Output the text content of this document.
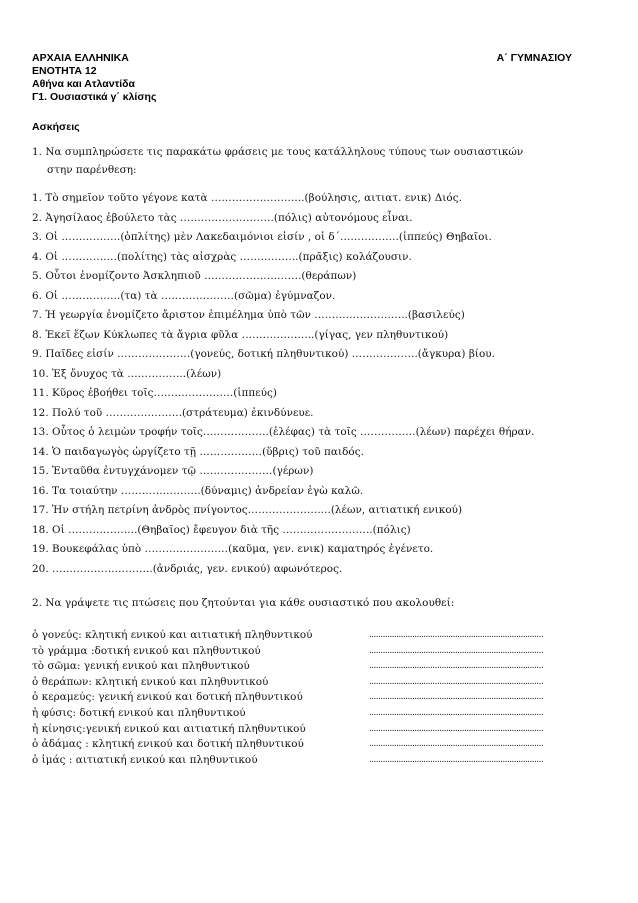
ΑΡΧΑΙΑ ΕΛΛΗΝΙΚΑ	Α΄ ΓΥΜΝΑΣΙΟΥ
ΕΝΟΤΗΤΑ 12
Αθήνα και Ατλαντίδα
Γ1. Ουσιαστικά γ΄ κλίσης
Ασκήσεις
1. Να συμπληρώσετε τις παρακάτω φράσεις με τους κατάλληλους τύπους των ουσιαστικών
στην παρένθεση:
1. Τὸ σημεῖον τοῦτο γέγονε κατὰ ………………….…..(βούλησις, αιτιατ. ενικ) Διός.
2. Ἀγησίλαος ἐβούλετο τὰς ………………………(πόλις) αὐτονόμους εἶναι.
3. Οἱ ……………..(ὁπλίτης) μὲν Λακεδαιμόνιοι εἰσίν , οἱ δ΄……………..(ἱππεύς) Θηβαῖοι.
4. Οἱ …………….(πολίτης) τὰς αἰσχρὰς ……………..(πρᾶξις) κολάζουσιν.
5. Οὗτοι ἐνομίζοντο Ἀσκληπιοῦ ……………………….(θεράπων)
6. Οἱ ……………..(τα) τὰ …………………(σῶμα) ἐγύμναζον.
7. Ἡ γεωργία ἐνομίζετο ἄριστον ἐπιμέλημα ὑπὸ τῶν ……………………...(βασιλεύς)
8. Ἐκεῖ ἔζων Κύκλωπες τὰ ἄγρια φῦλα ………………...(γίγας, γεν πληθυντικού)
9. Παῖδες εἰσίν …………………(γονεύς, δοτική πληθυντικού) ……………….(ἄγκυρα) βίου.
10. Ἐξ ὄνυχος τὰ ……………..(λέων)
11. Κῦρος ἐβοήθει τοῖς…………………..(ἱππεύς)
12. Πολύ τοῦ ………………….(στράτευμα) ἐκινδύνευε.
13. Οὗτος ὁ λειμὼν τροφήν τοῖς……………….(ἐλέφας) τὰ τοῖς …………….(λέων) παρέχει θήραν.
14. Ὁ παιδαγωγὸς ὠργίζετο τῇ ………………(ὕβρις) τοῦ παιδός.
15. Ἐνταῦθα ἐντυγχάνομεν τῷ …………………(γέρων)
16. Τα τοιαύτην …………………..(δύναμις) ἀνδρείαν ἐγὼ καλῶ.
17. Ἡν στήλη πετρίνη ἀνδρὸς πνίγοντος…………………...(λέων, αιτιατική ενικού)
18. Οἱ ………………..(Θηβαῖος) ἔφευγον διὰ τῆς ……………………..(πόλις)
19. Βουκεφάλας ὑπὸ ……………………(καῦμα, γεν. ενικ) καματηρός ἐγένετο.
20. ………………………..(ἀνδριάς, γεν. ενικού) αφωνότερος.
2. Να γράψετε τις πτώσεις που ζητούνται για κάθε ουσιαστικό που ακολουθεί:
ὁ γονεύς: κλητική ενικού και αιτιατική πληθυντικού	.............................................................................
τὸ γράμμα :δοτική ενικού και πληθυντικού	.............................................................................
τὸ σῶμα: γενική ενικού και πληθυντικού	.............................................................................
ὁ θεράπων: κλητική ενικού και πληθυντικού	.............................................................................
ὁ κεραμεύς: γενική ενικού και δοτική πληθυντικού	.............................................................................
ἡ φύσις: δοτική ενικού και πληθυντικού	.............................................................................
ἡ κίνησις:γενική ενικού και αιτιατική πληθυντικού	.............................................................................
ὁ ἀδάμας : κλητική ενικού και δοτική πληθυντικού	.............................................................................
ὁ ἱμάς : αιτιατική ενικού και πληθυντικού	.............................................................................
